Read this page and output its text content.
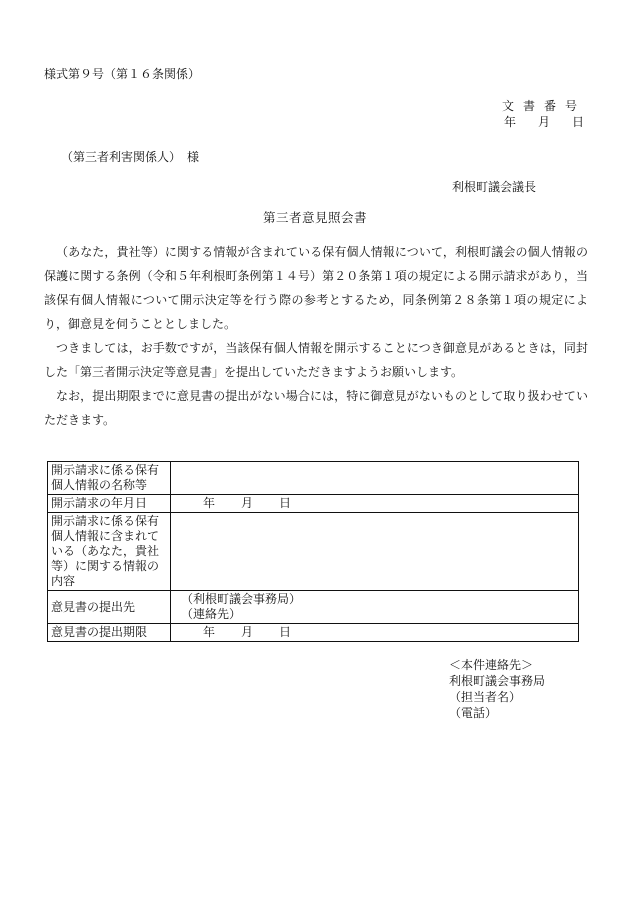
様式第９号（第１６条関係）
文書番号
年 月 日
（第三者利害関係人）　様
利根町議会議長
第三者意見照会書

（あなた，貴社等）に関する情報が含まれている保有個人情報について，利根町議会の個人情報の保護に関する条例（令和５年利根町条例第１４号）第２０条第１項の規定による開示請求があり，当該保有個人情報について開示決定等を行う際の参考とするため，同条例第２８条第１項の規定により，御意見を伺うこととしました。

つきましては，お手数ですが，当該保有個人情報を開示することにつき御意見があるときは，同封した「第三者開示決定等意見書」を提出していただきますようお願いします。

なお，提出期限までに意見書の提出がない場合には，特に御意見がないものとして取り扱わせていただきます。

開示請求に係る保有個人情報の名称等	
開示請求の年月日	年 月 日

開示請求に係る保有個人情報に含まれている（あなた，貴社等）に関する情報の内容	
意見書の提出先	（利根町議会事務局）
（連絡先）

意見書の提出期限	年 月 日
＜本件連絡先＞
利根町議会事務局
（担当者名）
（電話）
